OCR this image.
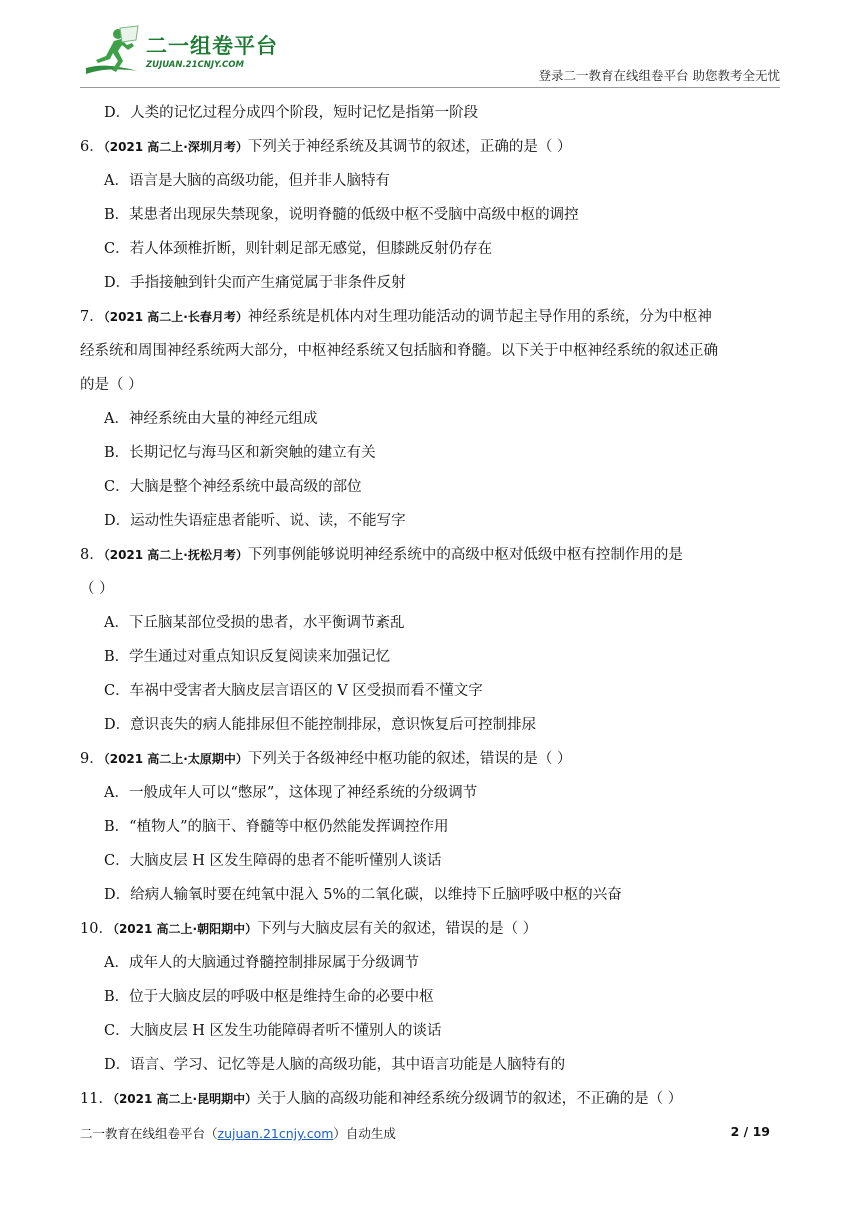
二一组卷平台
ZUJUAN.21CNJY.COM
登录二一教育在线组卷平台 助您教考全无忧
D．人类的记忆过程分成四个阶段，短时记忆是指第一阶段
6．（2021 高二上·深圳月考）下列关于神经系统及其调节的叙述，正确的是（ ）
A．语言是大脑的高级功能，但并非人脑特有
B．某患者出现尿失禁现象，说明脊髓的低级中枢不受脑中高级中枢的调控
C．若人体颈椎折断，则针刺足部无感觉，但膝跳反射仍存在
D．手指接触到针尖而产生痛觉属于非条件反射
7．（2021 高二上·长春月考）神经系统是机体内对生理功能活动的调节起主导作用的系统，分为中枢神
经系统和周围神经系统两大部分，中枢神经系统又包括脑和脊髓。以下关于中枢神经系统的叙述正确
的是（ ）
A．神经系统由大量的神经元组成
B．长期记忆与海马区和新突触的建立有关
C．大脑是整个神经系统中最高级的部位
D．运动性失语症患者能听、说、读，不能写字
8．（2021 高二上·抚松月考）下列事例能够说明神经系统中的高级中枢对低级中枢有控制作用的是
（ ）
A．下丘脑某部位受损的患者，水平衡调节紊乱
B．学生通过对重点知识反复阅读来加强记忆
C．车祸中受害者大脑皮层言语区的 V 区受损而看不懂文字
D．意识丧失的病人能排尿但不能控制排尿，意识恢复后可控制排尿
9．（2021 高二上·太原期中）下列关于各级神经中枢功能的叙述，错误的是（ ）
A．一般成年人可以“憋尿”，这体现了神经系统的分级调节
B．“植物人”的脑干、脊髓等中枢仍然能发挥调控作用
C．大脑皮层 H 区发生障碍的患者不能听懂别人谈话
D．给病人输氧时要在纯氧中混入 5%的二氧化碳，以维持下丘脑呼吸中枢的兴奋
10．（2021 高二上·朝阳期中）下列与大脑皮层有关的叙述，错误的是（ ）
A．成年人的大脑通过脊髓控制排尿属于分级调节
B．位于大脑皮层的呼吸中枢是维持生命的必要中枢
C．大脑皮层 H 区发生功能障碍者听不懂别人的谈话
D．语言、学习、记忆等是人脑的高级功能，其中语言功能是人脑特有的
11．（2021 高二上·昆明期中）关于人脑的高级功能和神经系统分级调节的叙述，不正确的是（ ）
二一教育在线组卷平台（zujuan.21cnjy.com）自动生成	2 / 19
